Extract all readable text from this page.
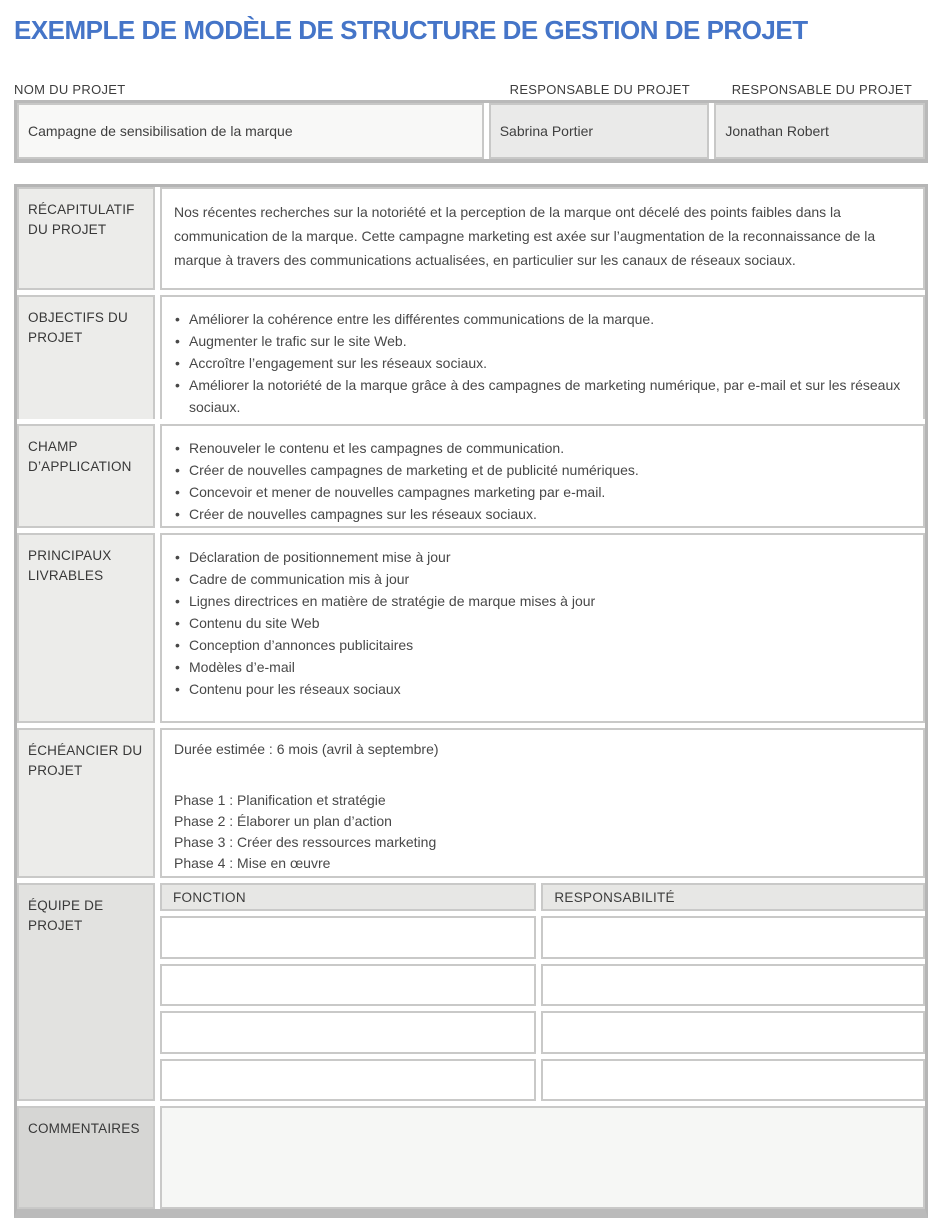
EXEMPLE DE MODÈLE DE STRUCTURE DE GESTION DE PROJET
NOM DU PROJET	RESPONSABLE DU PROJET	RESPONSABLE DU PROJET
Campagne de sensibilisation de la marque	Sabrina Portier	Jonathan Robert
RÉCAPITULATIF DU PROJET
Nos récentes recherches sur la notoriété et la perception de la marque ont décelé des points faibles dans la communication de la marque. Cette campagne marketing est axée sur l’augmentation de la reconnaissance de la marque à travers des communications actualisées, en particulier sur les canaux de réseaux sociaux.
OBJECTIFS DU PROJET
• Améliorer la cohérence entre les différentes communications de la marque.
• Augmenter le trafic sur le site Web.
• Accroître l’engagement sur les réseaux sociaux.
• Améliorer la notoriété de la marque grâce à des campagnes de marketing numérique, par e-mail et sur les réseaux sociaux.
CHAMP D’APPLICATION
• Renouveler le contenu et les campagnes de communication.
• Créer de nouvelles campagnes de marketing et de publicité numériques.
• Concevoir et mener de nouvelles campagnes marketing par e-mail.
• Créer de nouvelles campagnes sur les réseaux sociaux.
PRINCIPAUX LIVRABLES
• Déclaration de positionnement mise à jour
• Cadre de communication mis à jour
• Lignes directrices en matière de stratégie de marque mises à jour
• Contenu du site Web
• Conception d’annonces publicitaires
• Modèles d’e-mail
• Contenu pour les réseaux sociaux
ÉCHÉANCIER DU PROJET
Durée estimée : 6 mois (avril à septembre)
Phase 1 : Planification et stratégie
Phase 2 : Élaborer un plan d’action
Phase 3 : Créer des ressources marketing
Phase 4 : Mise en œuvre
ÉQUIPE DE PROJET
FONCTION	RESPONSABILITÉ
COMMENTAIRES
